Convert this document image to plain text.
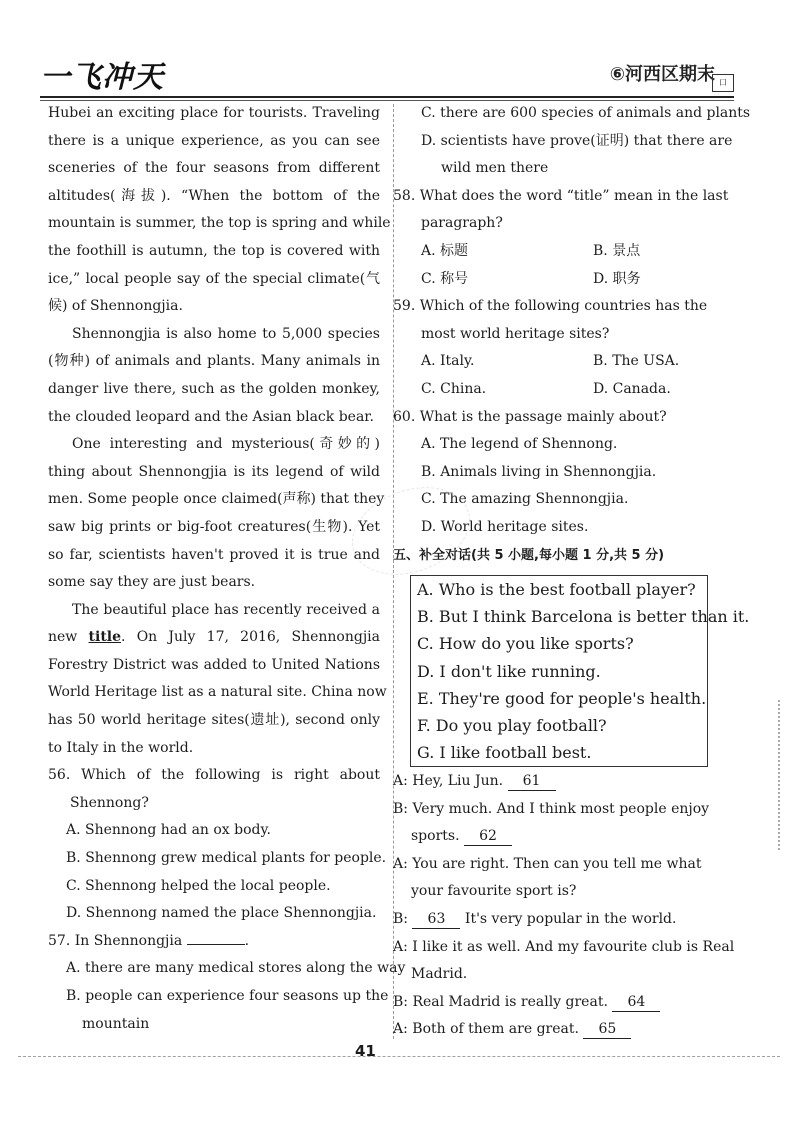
一飞冲天	⑥河西区期末 口
Hubei an exciting place for tourists. Traveling
there is a unique experience, as you can see
sceneries of the four seasons from different
altitudes(海拔). “When the bottom of the
mountain is summer, the top is spring and while
the foothill is autumn, the top is covered with
ice,” local people say of the special climate(气
候) of Shennongjia.
Shennongjia is also home to 5,000 species
(物种) of animals and plants. Many animals in
danger live there, such as the golden monkey,
the clouded leopard and the Asian black bear.
One interesting and mysterious(奇妙的)
thing about Shennongjia is its legend of wild
men. Some people once claimed(声称) that they
saw big prints or big-foot creatures(生物). Yet
so far, scientists haven't proved it is true and
some say they are just bears.
The beautiful place has recently received a
new title. On July 17, 2016, Shennongjia
Forestry District was added to United Nations
World Heritage list as a natural site. China now
has 50 world heritage sites(遗址), second only
to Italy in the world.
56. Which of the following is right about
Shennong?
A. Shennong had an ox body.
B. Shennong grew medical plants for people.
C. Shennong helped the local people.
D. Shennong named the place Shennongjia.
57. In Shennongjia	.
A. there are many medical stores along the way
B. people can experience four seasons up the
mountain
C. there are 600 species of animals and plants
D. scientists have prove(证明) that there are
wild men there
58. What does the word “title” mean in the last
paragraph?
A. 标题	B. 景点
C. 称号	D. 职务
59. Which of the following countries has the
most world heritage sites?
A. Italy.	B. The USA.
C. China.	D. Canada.
60. What is the passage mainly about?
A. The legend of Shennong.
B. Animals living in Shennongjia.
C. The amazing Shennongjia.
D. World heritage sites.
五、补全对话(共 5 小题,每小题 1 分,共 5 分)
A. Who is the best football player?
B. But I think Barcelona is better than it.
C. How do you like sports?
D. I don't like running.
E. They're good for people's health.
F. Do you play football?
G. I like football best.
A: Hey, Liu Jun. 61
B: Very much. And I think most people enjoy
sports. 62
A: You are right. Then can you tell me what
your favourite sport is?
B: 63 It's very popular in the world.
A: I like it as well. And my favourite club is Real
Madrid.
B: Real Madrid is really great. 64
A: Both of them are great. 65
41
